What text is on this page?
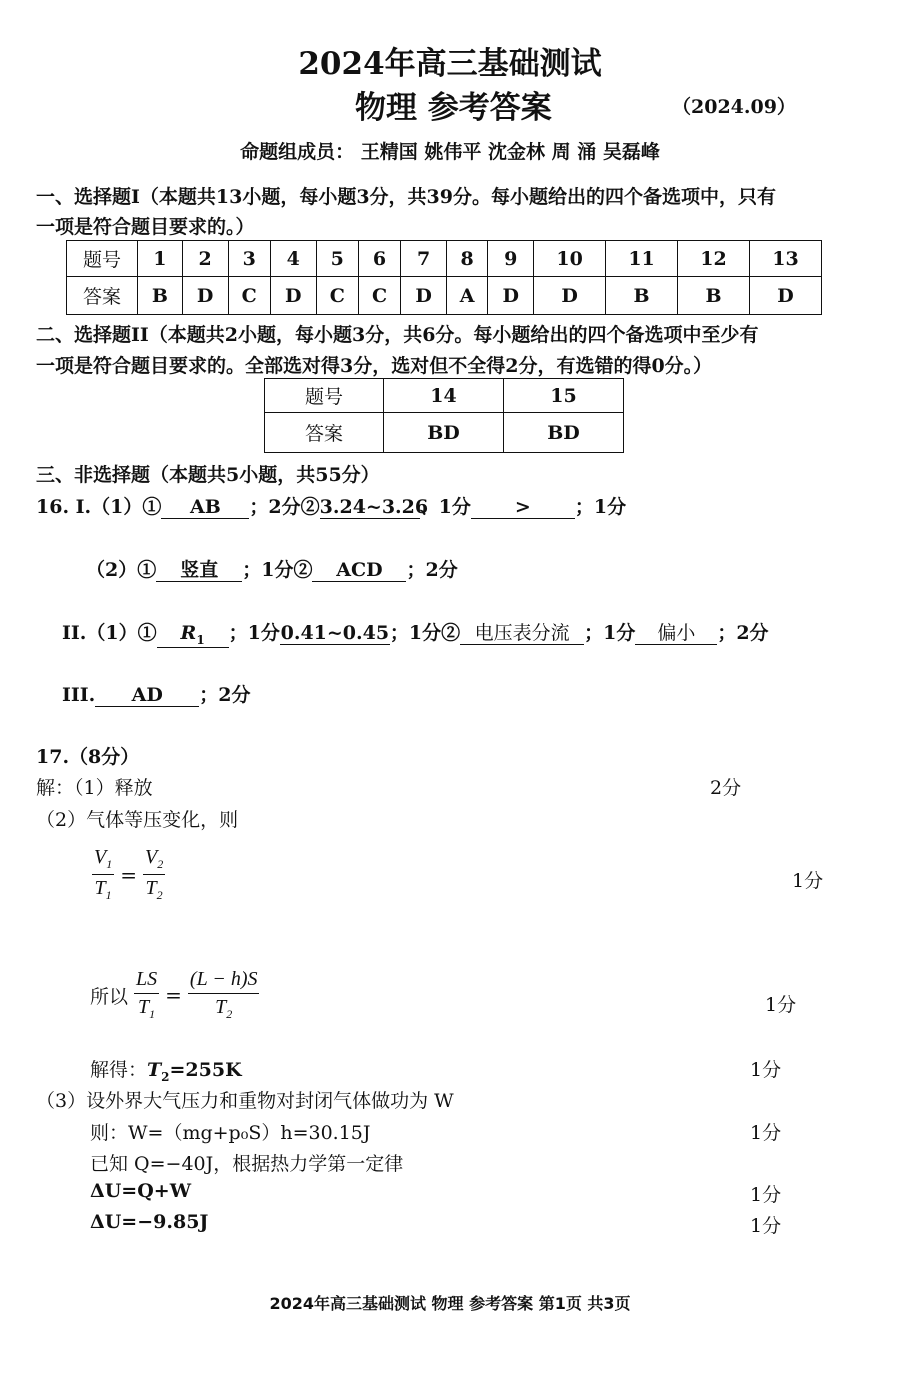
2024年高三基础测试
物理 参考答案	（2024.09）
命题组成员： 王精国 姚伟平 沈金林 周 涌 吴磊峰
一、选择题I（本题共13小题，每小题3分，共39分。每小题给出的四个备选项中，只有
一项是符合题目要求的。）
题号	1	2	3	4	5	6	7	8	9	10	11	12	13
答案	B	D	C	D	C	C	D	A	D	D	B	B	D
二、选择题II（本题共2小题，每小题3分，共6分。每小题给出的四个备选项中至少有
一项是符合题目要求的。全部选对得3分，选对但不全得2分，有选错的得0分。）
题号	14	15
答案	BD	BD
三、非选择题（本题共5小题，共55分）
16. I.（1）① AB ；2分②3.24~3.26、1分 > ；1分
（2）① 竖直 ；1分② ACD ；2分
II.（1）① $R_1$ ；1分0.41~0.45；1分② 电压表分流 ；1分 偏小 ；2分
III. AD ；2分
17.（8分）
解：（1）释放	2分
（2）气体等压变化，则
$\frac{V_1}{T_1} = \frac{V_2}{T_2}$	1分
所以 $\frac{LS}{T_1} = \frac{(L - h)S}{T_2}$	1分
解得：$T_2=255K$	1分
（3）设外界大气压力和重物对封闭气体做功为 W
则：W=（mg+p₀S）h=30.15J	1分
已知 Q=−40J，根据热力学第一定律
ΔU=Q+W	1分
ΔU=−9.85J	1分
2024年高三基础测试 物理 参考答案 第1页 共3页
